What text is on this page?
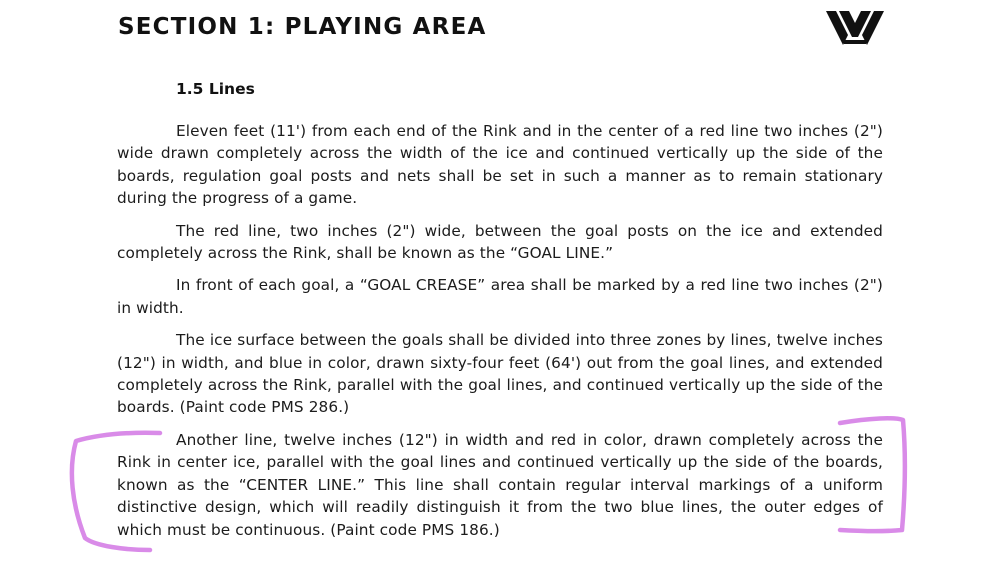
SECTION 1: PLAYING AREA
1.5 Lines

Eleven feet (11') from each end of the Rink and in the center of a red line two inches (2") wide drawn completely across the width of the ice and continued vertically up the side of the boards, regulation goal posts and nets shall be set in such a manner as to remain stationary during the progress of a game.

The red line, two inches (2") wide, between the goal posts on the ice and extended completely across the Rink, shall be known as the “GOAL LINE.”

In front of each goal, a “GOAL CREASE” area shall be marked by a red line two inches (2") in width.

The ice surface between the goals shall be divided into three zones by lines, twelve inches (12") in width, and blue in color, drawn sixty-four feet (64') out from the goal lines, and extended completely across the Rink, parallel with the goal lines, and continued vertically up the side of the boards. (Paint code PMS 286.)

Another line, twelve inches (12") in width and red in color, drawn completely across the Rink in center ice, parallel with the goal lines and continued vertically up the side of the boards, known as the “CENTER LINE.” This line shall contain regular interval markings of a uniform distinctive design, which will readily distinguish it from the two blue lines, the outer edges of which must be continuous. (Paint code PMS 186.)
